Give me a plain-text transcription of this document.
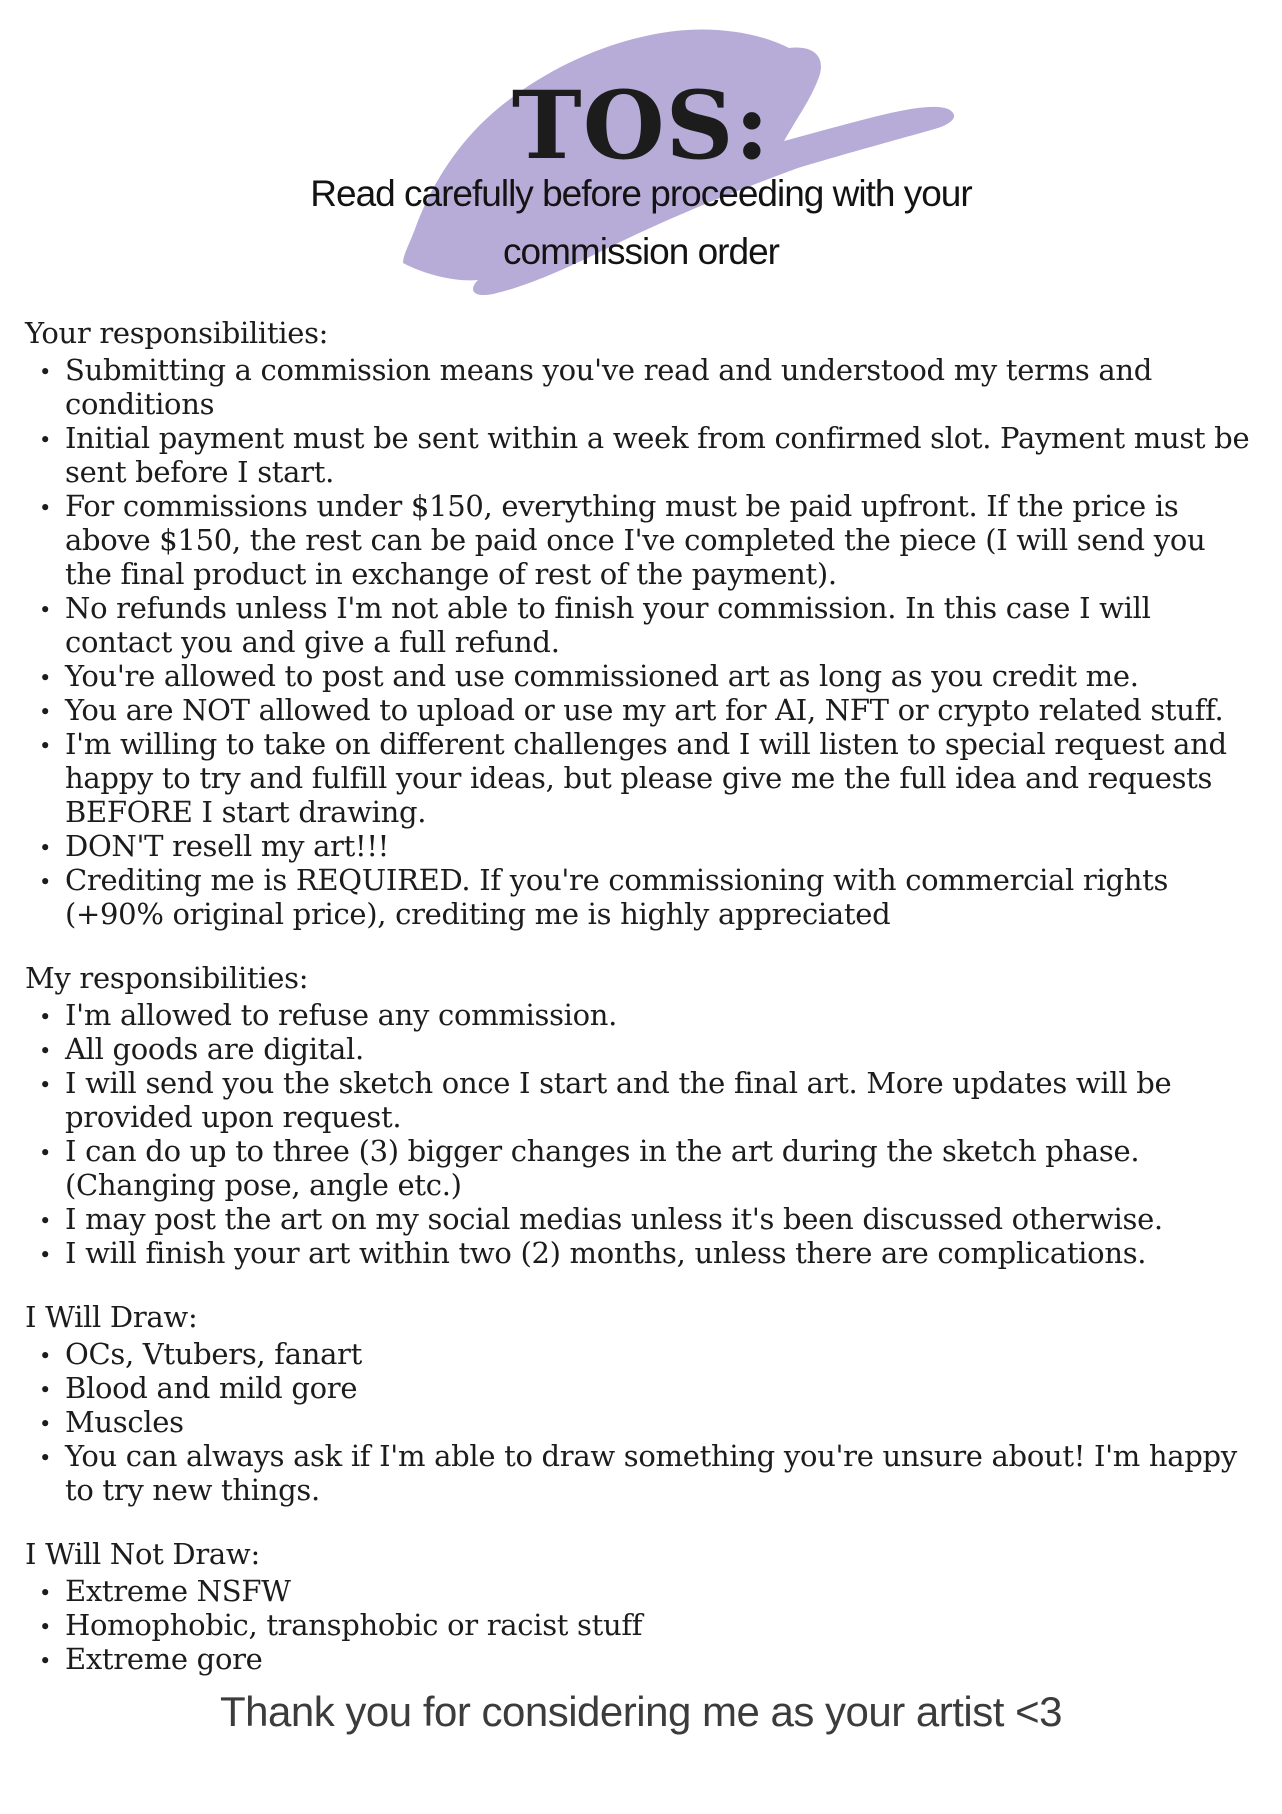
TOS:
Read carefully before proceeding with your
commission order
Your responsibilities:
• Submitting a commission means you've read and understood my terms and conditions
• Initial payment must be sent within a week from confirmed slot. Payment must be sent before I start.
• For commissions under $150, everything must be paid upfront. If the price is above $150, the rest can be paid once I've completed the piece (I will send you the final product in exchange of rest of the payment).
• No refunds unless I'm not able to finish your commission. In this case I will contact you and give a full refund.
• You're allowed to post and use commissioned art as long as you credit me.
• You are NOT allowed to upload or use my art for AI, NFT or crypto related stuff.
• I'm willing to take on different challenges and I will listen to special request and happy to try and fulfill your ideas, but please give me the full idea and requests BEFORE I start drawing.
• DON'T resell my art!!!
• Crediting me is REQUIRED. If you're commissioning with commercial rights (+90% original price), crediting me is highly appreciated
My responsibilities:
• I'm allowed to refuse any commission.
• All goods are digital.
• I will send you the sketch once I start and the final art. More updates will be provided upon request.
• I can do up to three (3) bigger changes in the art during the sketch phase. (Changing pose, angle etc.)
• I may post the art on my social medias unless it's been discussed otherwise.
• I will finish your art within two (2) months, unless there are complications.
I Will Draw:
• OCs, Vtubers, fanart
• Blood and mild gore
• Muscles
• You can always ask if I'm able to draw something you're unsure about! I'm happy to try new things.
I Will Not Draw:
• Extreme NSFW
• Homophobic, transphobic or racist stuff
• Extreme gore
Thank you for considering me as your artist <3
